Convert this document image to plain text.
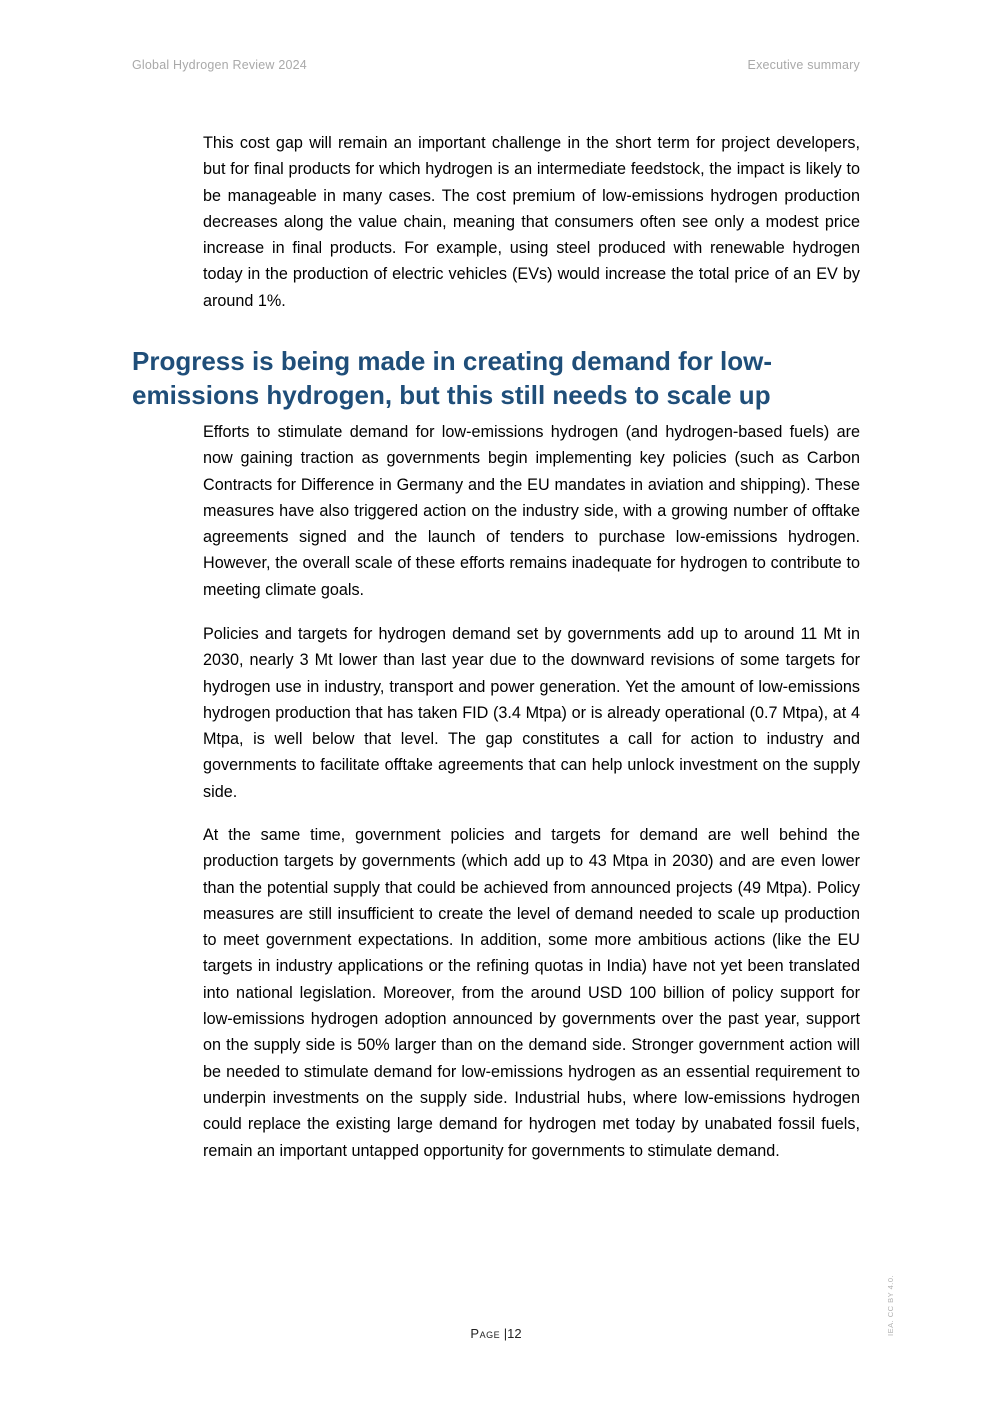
Global Hydrogen Review 2024	Executive summary

This cost gap will remain an important challenge in the short term for project developers, but for final products for which hydrogen is an intermediate feedstock, the impact is likely to be manageable in many cases. The cost premium of low-emissions hydrogen production decreases along the value chain, meaning that consumers often see only a modest price increase in final products. For example, using steel produced with renewable hydrogen today in the production of electric vehicles (EVs) would increase the total price of an EV by around 1%.

Progress is being made in creating demand for low-emissions hydrogen, but this still needs to scale up

Efforts to stimulate demand for low-emissions hydrogen (and hydrogen-based fuels) are now gaining traction as governments begin implementing key policies (such as Carbon Contracts for Difference in Germany and the EU mandates in aviation and shipping). These measures have also triggered action on the industry side, with a growing number of offtake agreements signed and the launch of tenders to purchase low-emissions hydrogen. However, the overall scale of these efforts remains inadequate for hydrogen to contribute to meeting climate goals.

Policies and targets for hydrogen demand set by governments add up to around 11 Mt in 2030, nearly 3 Mt lower than last year due to the downward revisions of some targets for hydrogen use in industry, transport and power generation. Yet the amount of low-emissions hydrogen production that has taken FID (3.4 Mtpa) or is already operational (0.7 Mtpa), at 4 Mtpa, is well below that level. The gap constitutes a call for action to industry and governments to facilitate offtake agreements that can help unlock investment on the supply side.

At the same time, government policies and targets for demand are well behind the production targets by governments (which add up to 43 Mtpa in 2030) and are even lower than the potential supply that could be achieved from announced projects (49 Mtpa). Policy measures are still insufficient to create the level of demand needed to scale up production to meet government expectations. In addition, some more ambitious actions (like the EU targets in industry applications or the refining quotas in India) have not yet been translated into national legislation. Moreover, from the around USD 100 billion of policy support for low-emissions hydrogen adoption announced by governments over the past year, support on the supply side is 50% larger than on the demand side. Stronger government action will be needed to stimulate demand for low-emissions hydrogen as an essential requirement to underpin investments on the supply side. Industrial hubs, where low-emissions hydrogen could replace the existing large demand for hydrogen met today by unabated fossil fuels, remain an important untapped opportunity for governments to stimulate demand.

Page |12	IEA. CC BY 4.0.
